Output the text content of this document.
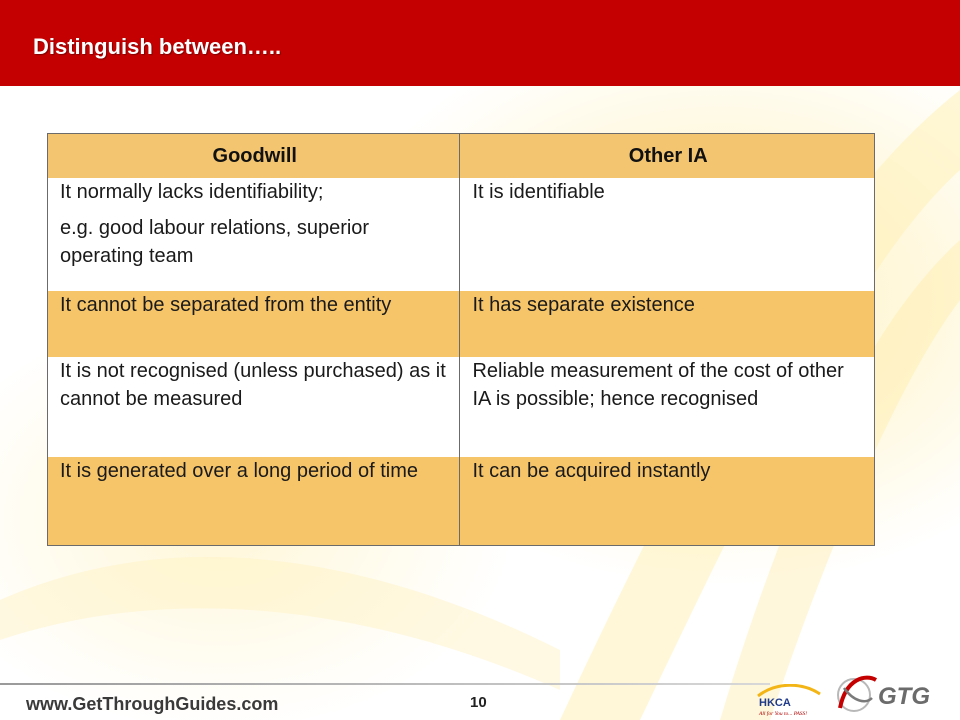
Distinguish between…..
Goodwill	Other IA

It normally lacks identifiability;

e.g. good labour relations, superior operating team	It is identifiable

It cannot be separated from the entity	It has separate existence

It is not recognised (unless purchased) as it cannot be measured	Reliable measurement of the cost of other IA is possible; hence recognised

It is generated over a long period of time	It can be acquired instantly

www.GetThroughGuides.com	10	HKCA
All for You to... PASS!
GTG
